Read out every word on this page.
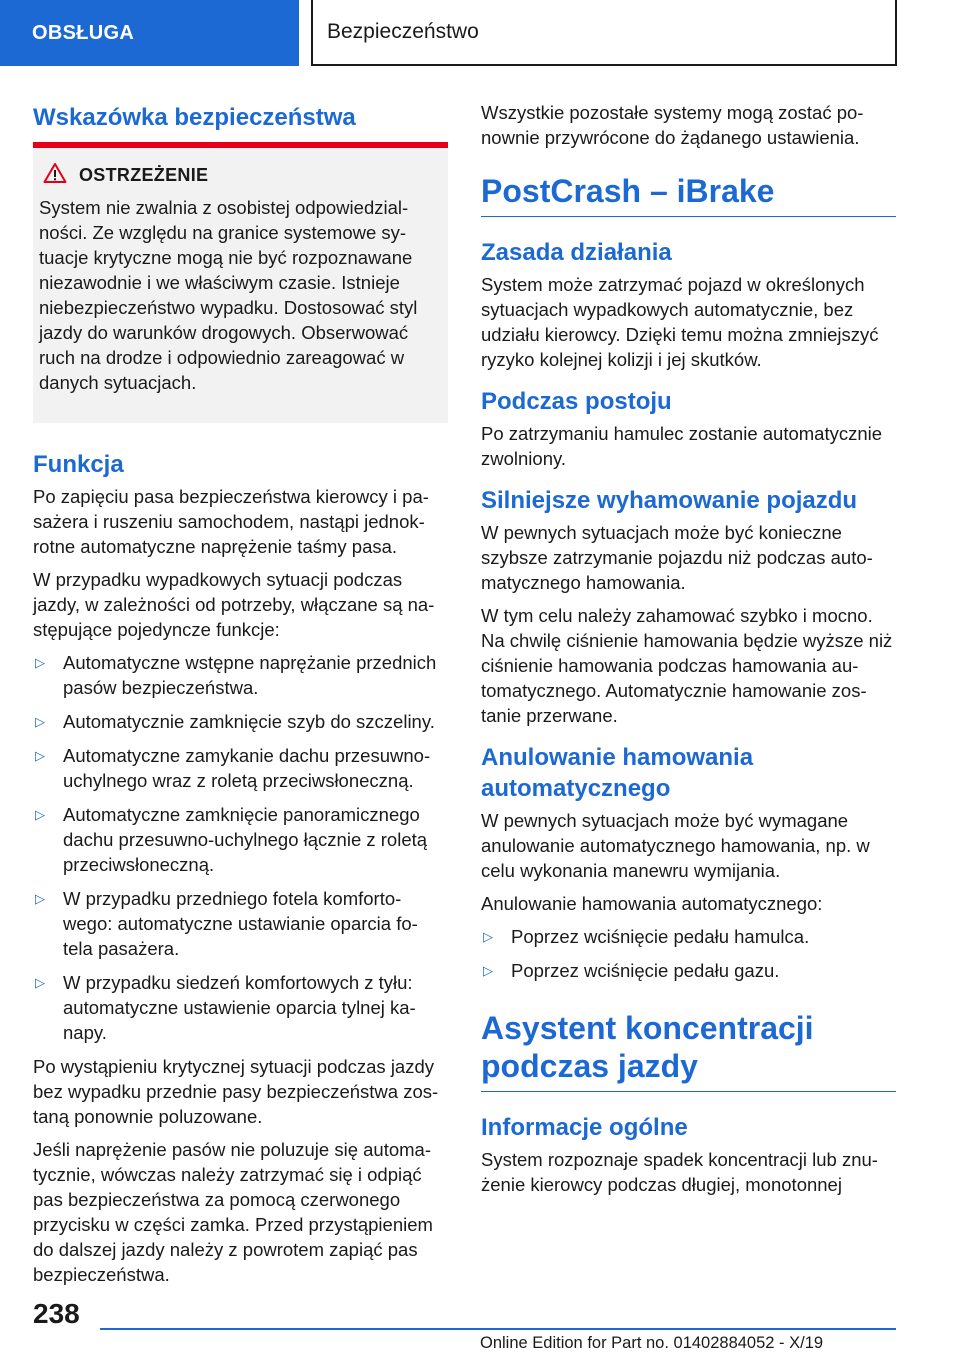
OBSŁUGA	Bezpieczeństwo
Wskazówka bezpieczeństwa
OSTRZEŻENIE

System nie zwalnia z osobistej odpowiedzial- ności. Ze względu na granice systemowe sy- tuacje krytyczne mogą nie być rozpoznawane niezawodnie i we właściwym czasie. Istnieje niebezpieczeństwo wypadku. Dostosować styl jazdy do warunków drogowych. Obserwować ruch na drodze i odpowiednio zareagować w danych sytuacjach.

Funkcja

Po zapięciu pasa bezpieczeństwa kierowcy i pa- sażera i ruszeniu samochodem, nastąpi jednok- rotne automatyczne naprężenie taśmy pasa.

W przypadku wypadkowych sytuacji podczas jazdy, w zależności od potrzeby, włączane są na- stępujące pojedyncze funkcje:

▷ Automatyczne wstępne naprężanie przednich pasów bezpieczeństwa.
▷ Automatycznie zamknięcie szyb do szczeliny.
▷ Automatyczne zamykanie dachu przesuwno- uchylnego wraz z roletą przeciwsłoneczną.
▷ Automatyczne zamknięcie panoramicznego dachu przesuwno-uchylnego łącznie z roletą przeciwsłoneczną.
▷ W przypadku przedniego fotela komforto- wego: automatyczne ustawianie oparcia fo- tela pasażera.
▷ W przypadku siedzeń komfortowych z tyłu: automatyczne ustawienie oparcia tylnej ka- napy.

Po wystąpieniu krytycznej sytuacji podczas jazdy bez wypadku przednie pasy bezpieczeństwa zos- taną ponownie poluzowane.

Jeśli naprężenie pasów nie poluzuje się automa- tycznie, wówczas należy zatrzymać się i odpiąć pas bezpieczeństwa za pomocą czerwonego przycisku w części zamka. Przed przystąpieniem do dalszej jazdy należy z powrotem zapiąć pas bezpieczeństwa.

Wszystkie pozostałe systemy mogą zostać po- nownie przywrócone do żądanego ustawienia.

PostCrash – iBrake
Zasada działania

System może zatrzymać pojazd w określonych sytuacjach wypadkowych automatycznie, bez udziału kierowcy. Dzięki temu można zmniejszyć ryzyko kolejnej kolizji i jej skutków.

Podczas postoju

Po zatrzymaniu hamulec zostanie automatycznie zwolniony.

Silniejsze wyhamowanie pojazdu

W pewnych sytuacjach może być konieczne szybsze zatrzymanie pojazdu niż podczas auto- matycznego hamowania.

W tym celu należy zahamować szybko i mocno. Na chwilę ciśnienie hamowania będzie wyższe niż ciśnienie hamowania podczas hamowania au- tomatycznego. Automatycznie hamowanie zos- tanie przerwane.

Anulowanie hamowania automatycznego

W pewnych sytuacjach może być wymagane anulowanie automatycznego hamowania, np. w celu wykonania manewru wymijania.

Anulowanie hamowania automatycznego:

▷ Poprzez wciśnięcie pedału hamulca.
▷ Poprzez wciśnięcie pedału gazu.
Asystent koncentracji podczas jazdy
Informacje ogólne

System rozpoznaje spadek koncentracji lub znu- żenie kierowcy podczas długiej, monotonnej

238
Online Edition for Part no. 01402884052 - X/19
